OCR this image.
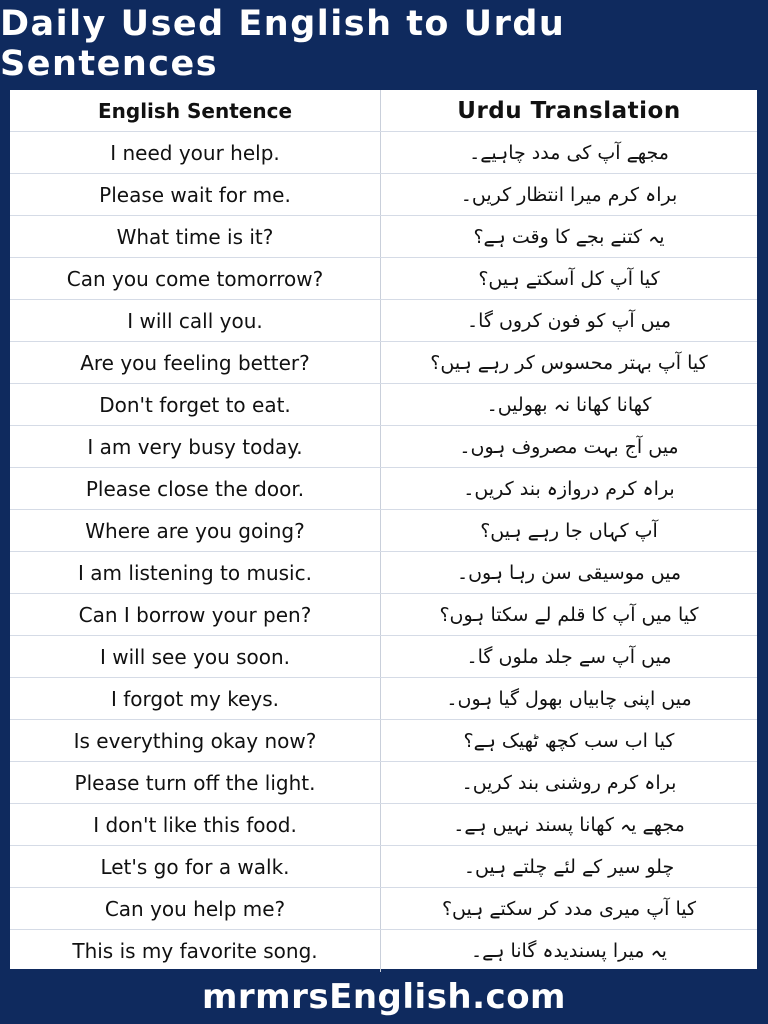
Daily Used English to Urdu Sentences
English Sentence	Urdu Translation
I need your help.	مجھے آپ کی مدد چاہیے۔
Please wait for me.	براہ کرم میرا انتظار کریں۔
What time is it?	یہ کتنے بجے کا وقت ہے؟
Can you come tomorrow?	کیا آپ کل آسکتے ہیں؟
I will call you.	میں آپ کو فون کروں گا۔
Are you feeling better?	کیا آپ بہتر محسوس کر رہے ہیں؟
Don't forget to eat.	کھانا کھانا نہ بھولیں۔
I am very busy today.	میں آج بہت مصروف ہوں۔
Please close the door.	براہ کرم دروازہ بند کریں۔
Where are you going?	آپ کہاں جا رہے ہیں؟
I am listening to music.	میں موسیقی سن رہا ہوں۔
Can I borrow your pen?	کیا میں آپ کا قلم لے سکتا ہوں؟
I will see you soon.	میں آپ سے جلد ملوں گا۔
I forgot my keys.	میں اپنی چابیاں بھول گیا ہوں۔
Is everything okay now?	کیا اب سب کچھ ٹھیک ہے؟
Please turn off the light.	براہ کرم روشنی بند کریں۔
I don't like this food.	مجھے یہ کھانا پسند نہیں ہے۔
Let's go for a walk.	چلو سیر کے لئے چلتے ہیں۔
Can you help me?	کیا آپ میری مدد کر سکتے ہیں؟
This is my favorite song.	یہ میرا پسندیدہ گانا ہے۔
mrmrsEnglish.com
